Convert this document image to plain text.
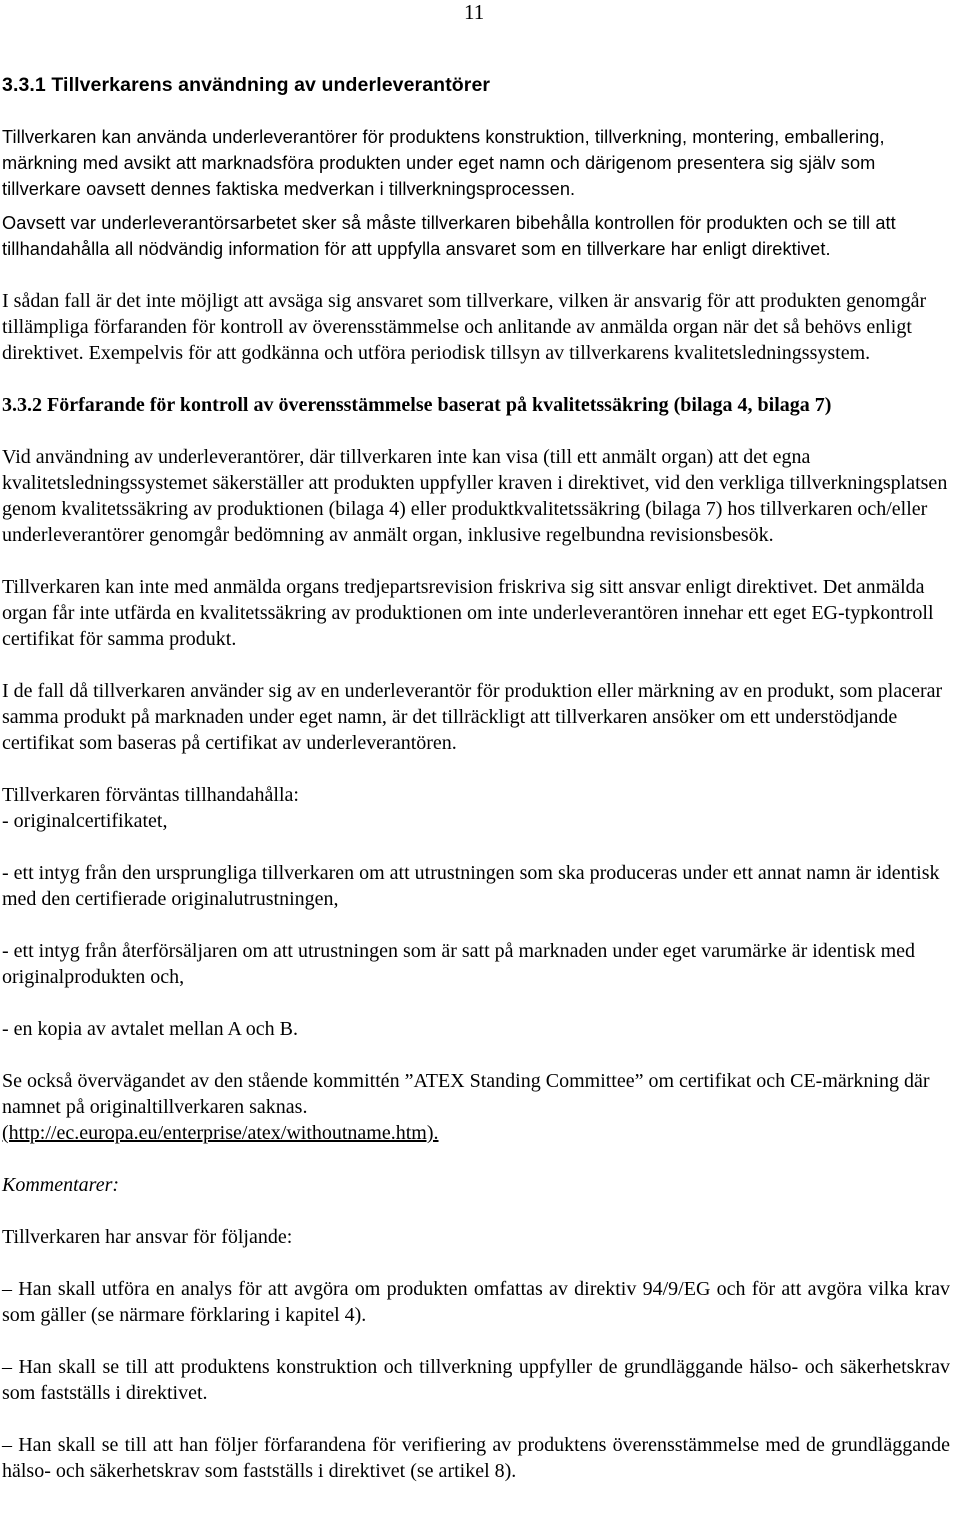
11
3.3.1 Tillverkarens användning av underleverantörer

Tillverkaren kan använda underleverantörer för produktens konstruktion, tillverkning, montering, emballering, märkning med avsikt att marknadsföra produkten under eget namn och därigenom presentera sig själv som tillverkare oavsett dennes faktiska medverkan i tillverkningsprocessen.

Oavsett var underleverantörsarbetet sker så måste tillverkaren bibehålla kontrollen för produkten och se till att tillhandahålla all nödvändig information för att uppfylla ansvaret som en tillverkare har enligt direktivet.

I sådan fall är det inte möjligt att avsäga sig ansvaret som tillverkare, vilken är ansvarig för att produkten genomgår tillämpliga förfaranden för kontroll av överensstämmelse och anlitande av anmälda organ när det så behövs enligt direktivet. Exempelvis för att godkänna och utföra periodisk tillsyn av tillverkarens kvalitetsledningssystem.

3.3.2 Förfarande för kontroll av överensstämmelse baserat på kvalitetssäkring (bilaga 4, bilaga 7)

Vid användning av underleverantörer, där tillverkaren inte kan visa (till ett anmält organ) att det egna kvalitetsledningssystemet säkerställer att produkten uppfyller kraven i direktivet, vid den verkliga tillverkningsplatsen genom kvalitetssäkring av produktionen (bilaga 4) eller produktkvalitetssäkring (bilaga 7) hos tillverkaren och/eller underleverantörer genomgår bedömning av anmält organ, inklusive regelbundna revisionsbesök.

Tillverkaren kan inte med anmälda organs tredjepartsrevision friskriva sig sitt ansvar enligt direktivet. Det anmälda organ får inte utfärda en kvalitetssäkring av produktionen om inte underleverantören innehar ett eget EG-typkontroll certifikat för samma produkt.

I de fall då tillverkaren använder sig av en underleverantör för produktion eller märkning av en produkt, som placerar samma produkt på marknaden under eget namn, är det tillräckligt att tillverkaren ansöker om ett understödjande certifikat som baseras på certifikat av underleverantören.

Tillverkaren förväntas tillhandahålla:

- originalcertifikatet,

- ett intyg från den ursprungliga tillverkaren om att utrustningen som ska produceras under ett annat namn är identisk med den certifierade originalutrustningen,

- ett intyg från återförsäljaren om att utrustningen som är satt på marknaden under eget varumärke är identisk med originalprodukten och,

- en kopia av avtalet mellan A och B.

Se också övervägandet av den stående kommittén ”ATEX Standing Committee” om certifikat och CE-märkning där namnet på originaltillverkaren saknas.
(http://ec.europa.eu/enterprise/atex/withoutname.htm).

Kommentarer:

Tillverkaren har ansvar för följande:

– Han skall utföra en analys för att avgöra om produkten omfattas av direktiv 94/9/EG och för att avgöra vilka krav som gäller (se närmare förklaring i kapitel 4).

– Han skall se till att produktens konstruktion och tillverkning uppfyller de grundläggande hälso- och säkerhetskrav som fastställs i direktivet.

– Han skall se till att han följer förfarandena för verifiering av produktens överensstämmelse med de grundläggande hälso- och säkerhetskrav som fastställs i direktivet (se artikel 8).
